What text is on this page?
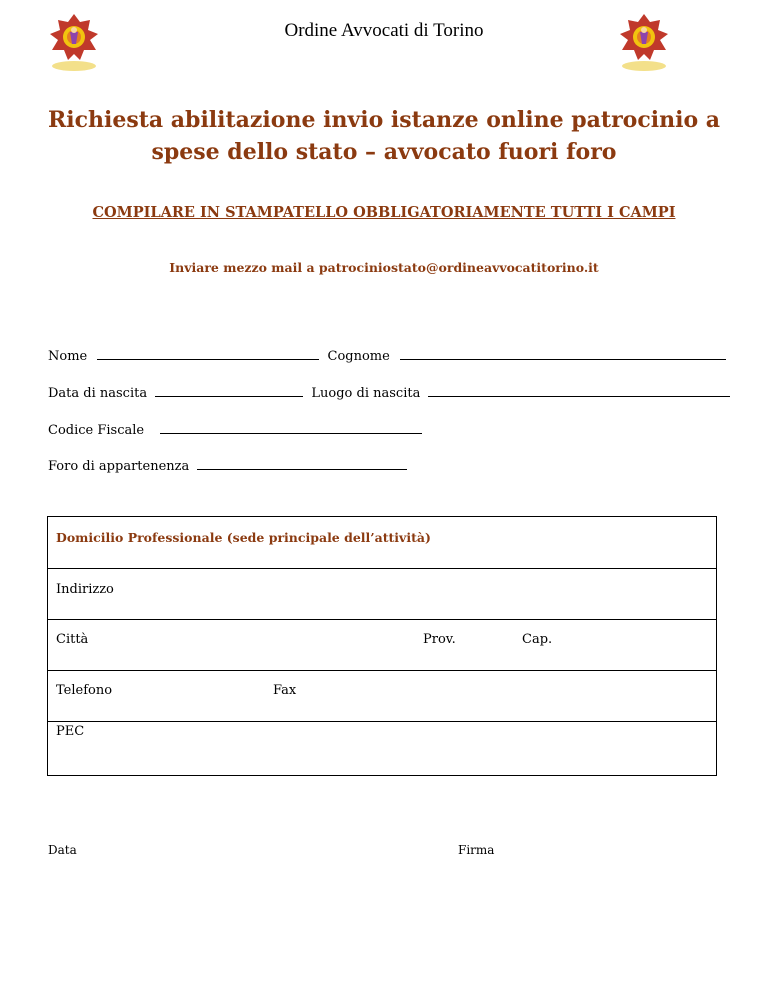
Ordine Avvocati di Torino
Richiesta abilitazione invio istanze online patrocinio a
spese dello stato – avvocato fuori foro
COMPILARE IN STAMPATELLO OBBLIGATORIAMENTE TUTTI I CAMPI
Inviare mezzo mail a patrociniostato@ordineavvocatitorino.it
Nome	Cognome
Data di nascita	Luogo di nascita
Codice Fiscale
Foro di appartenenza
Domicilio Professionale (sede principale dell’attività)
Indirizzo
Città	Prov.	Cap.
Telefono	Fax
PEC
Data	Firma
